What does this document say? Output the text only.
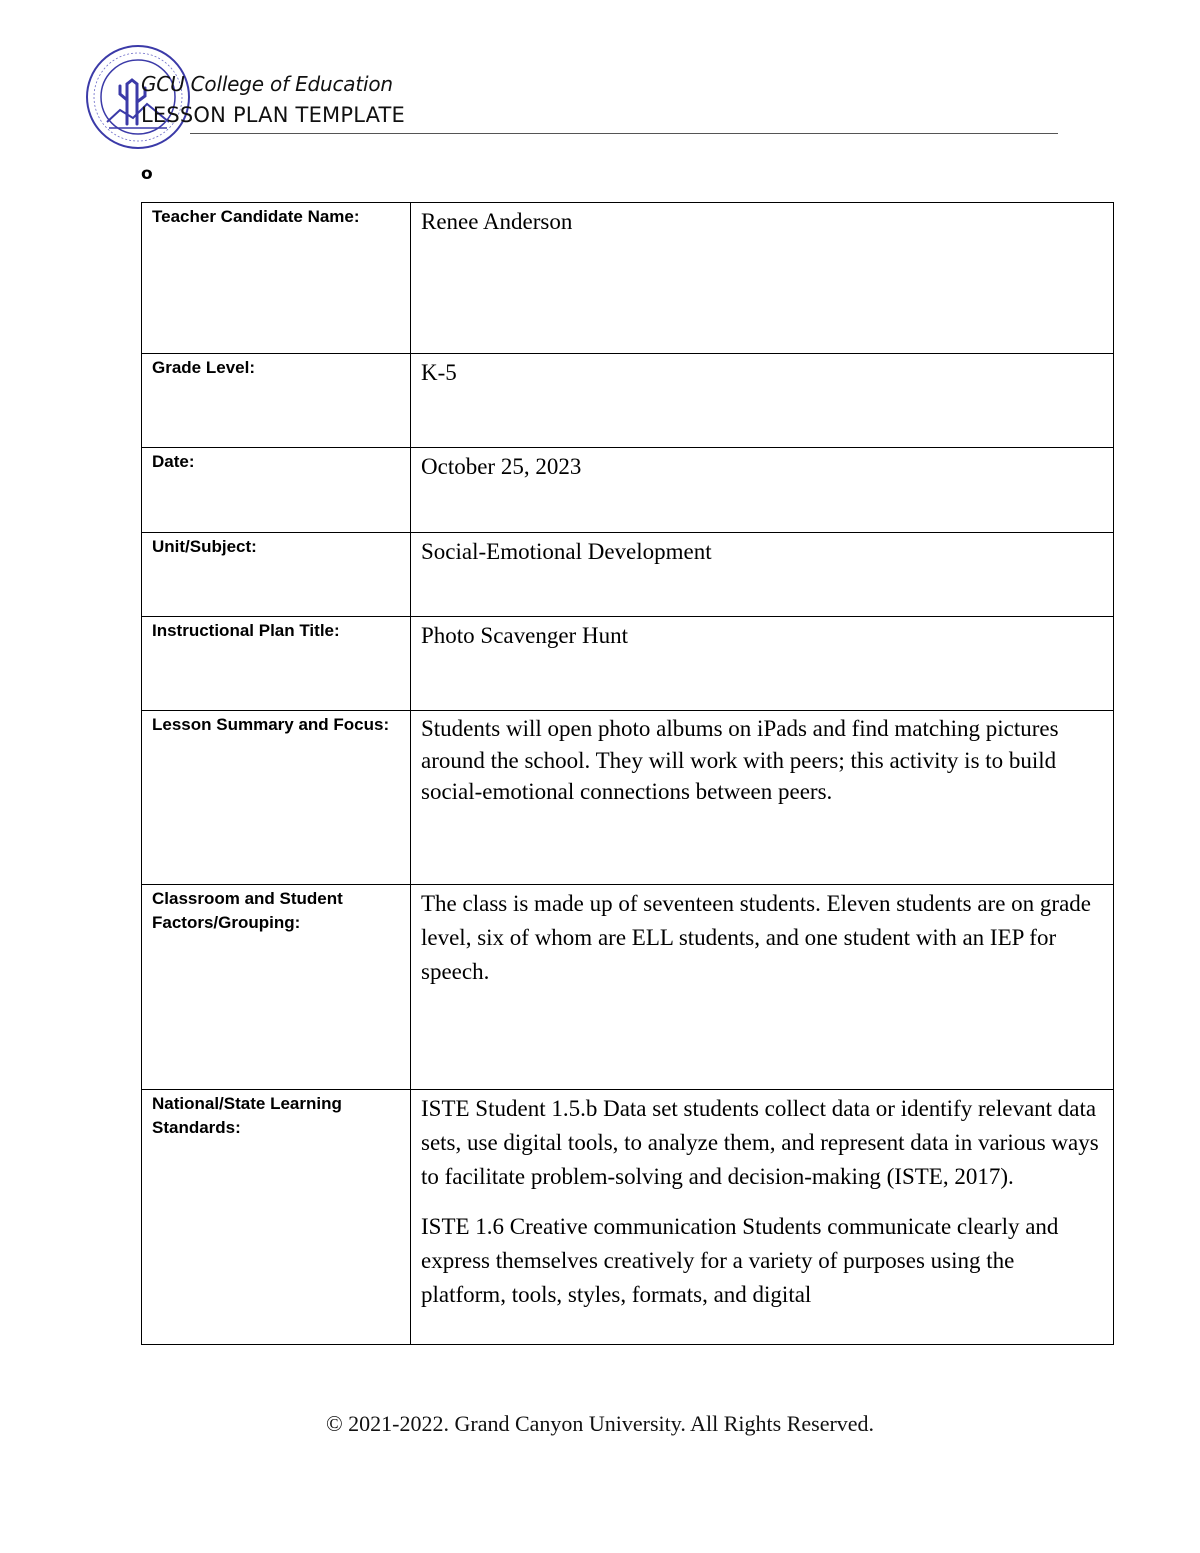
GCU College of Education
LESSON PLAN TEMPLATE
o
Teacher Candidate Name:	Renee Anderson

Grade Level:	K-5

Date:	October 25, 2023

Unit/Subject:	Social-Emotional Development

Instructional Plan Title:	Photo Scavenger Hunt

Lesson Summary and Focus:	Students will open photo albums on iPads and find matching pictures around the school. They will work with peers; this activity is to build social-emotional connections between peers.

Classroom and Student Factors/Grouping:	The class is made up of seventeen students. Eleven students are on grade level, six of whom are ELL students, and one student with an IEP for speech.

National/State Learning Standards:	ISTE Student 1.5.b Data set students collect data or identify relevant data sets, use digital tools, to analyze them, and represent data in various ways to facilitate problem-solving and decision-making (ISTE, 2017).

ISTE 1.6 Creative communication Students communicate clearly and express themselves creatively for a variety of purposes using the platform, tools, styles, formats, and digital

© 2021-2022. Grand Canyon University. All Rights Reserved.
